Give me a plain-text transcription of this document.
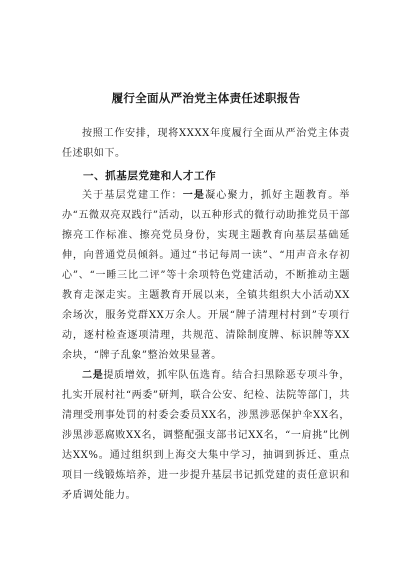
履行全面从严治党主体责任述职报告

按照工作安排，现将XXXX年度履行全面从严治党主体责任述职如下。

一、抓基层党建和人才工作

关于基层党建工作：一是凝心聚力，抓好主题教育。举办“五微双亮双践行”活动，以五种形式的微行动助推党员干部擦亮工作标准、擦亮党员身份，实现主题教育向基层基础延伸，向普通党员倾斜。通过“书记每周一读”、“用声音永存初心”、“一睡三比二评”等十余项特色党建活动，不断推动主题教育走深走实。主题教育开展以来，全镇共组织大小活动XX余场次，服务党群XX万余人。开展“牌子清理村村到”专项行动，逐村检查逐项清理，共规范、清除制度牌、标识牌等XX余块，“牌子乱象”整治效果显著。

二是提质增效，抓牢队伍选育。结合扫黑除恶专项斗争，扎实开展村社“两委”研判，联合公安、纪检、法院等部门，共清理受刑事处罚的村委会委员XX名，涉黑涉恶保护伞XX名，涉黑涉恶腐败XX名，调整配强支部书记XX名，“一肩挑”比例达XX%。通过组织到上海交大集中学习，抽调到拆迁、重点项目一线锻炼培养，进一步提升基层书记抓党建的责任意识和矛盾调处能力。
